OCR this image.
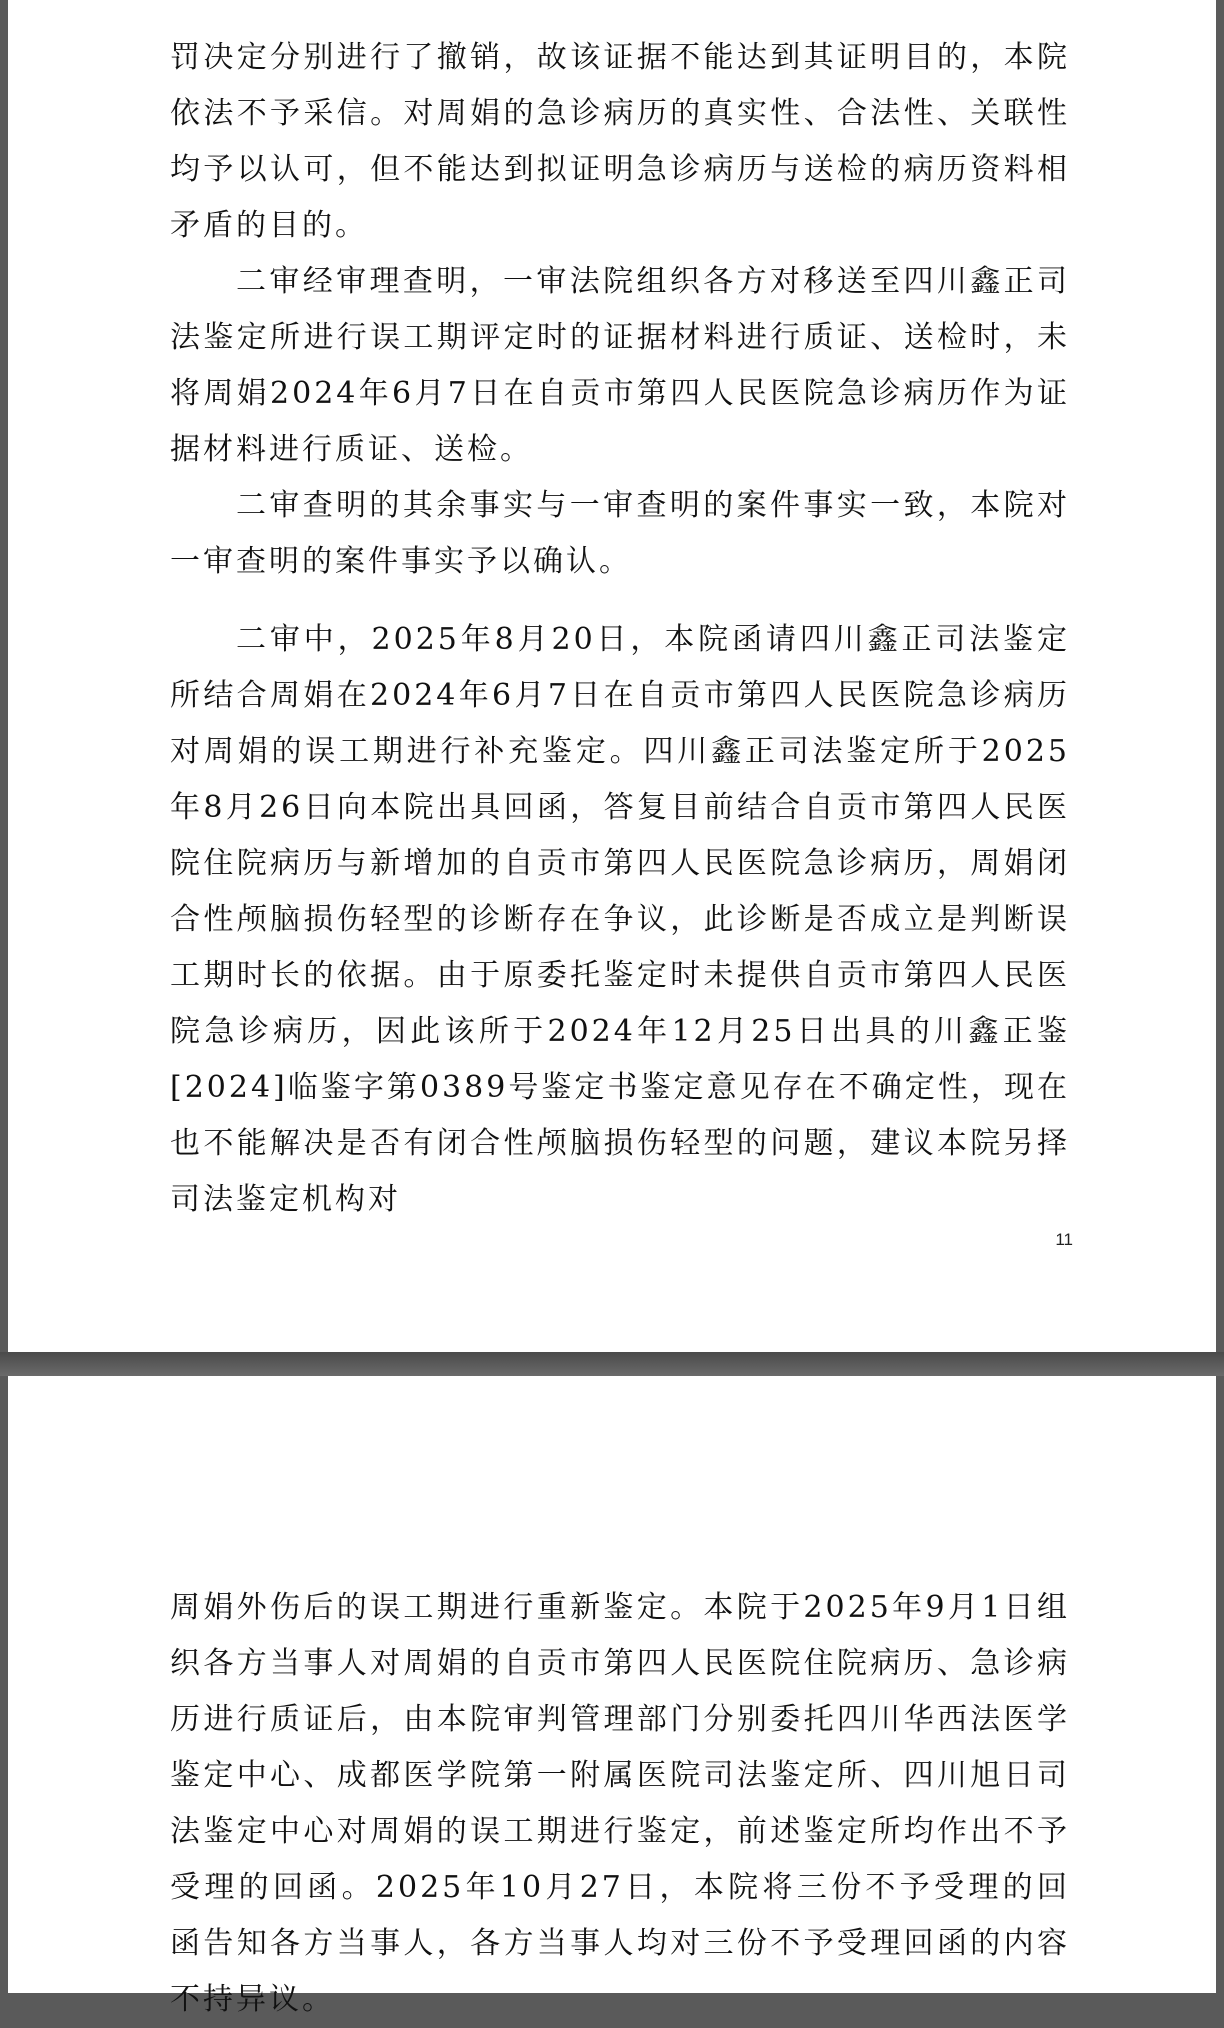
罚决定分别进行了撤销，故该证据不能达到其证明目的，本院依法不予采信。对周娟的急诊病历的真实性、合法性、关联性均予以认可，但不能达到拟证明急诊病历与送检的病历资料相矛盾的目的。

二审经审理查明，一审法院组织各方对移送至四川鑫正司法鉴定所进行误工期评定时的证据材料进行质证、送检时，未将周娟2024年6月7日在自贡市第四人民医院急诊病历作为证据材料进行质证、送检。

二审查明的其余事实与一审查明的案件事实一致，本院对一审查明的案件事实予以确认。

二审中，2025年8月20日，本院函请四川鑫正司法鉴定所结合周娟在2024年6月7日在自贡市第四人民医院急诊病历对周娟的误工期进行补充鉴定。四川鑫正司法鉴定所于2025年8月26日向本院出具回函，答复目前结合自贡市第四人民医院住院病历与新增加的自贡市第四人民医院急诊病历，周娟闭合性颅脑损伤轻型的诊断存在争议，此诊断是否成立是判断误工期时长的依据。由于原委托鉴定时未提供自贡市第四人民医院急诊病历，因此该所于2024年12月25日出具的川鑫正鉴[2024]临鉴字第0389号鉴定书鉴定意见存在不确定性，现在也不能解决是否有闭合性颅脑损伤轻型的问题，建议本院另择司法鉴定机构对

11

周娟外伤后的误工期进行重新鉴定。本院于2025年9月1日组织各方当事人对周娟的自贡市第四人民医院住院病历、急诊病历进行质证后，由本院审判管理部门分别委托四川华西法医学鉴定中心、成都医学院第一附属医院司法鉴定所、四川旭日司法鉴定中心对周娟的误工期进行鉴定，前述鉴定所均作出不予受理的回函。2025年10月27日，本院将三份不予受理的回函告知各方当事人，各方当事人均对三份不予受理回函的内容不持异议。
